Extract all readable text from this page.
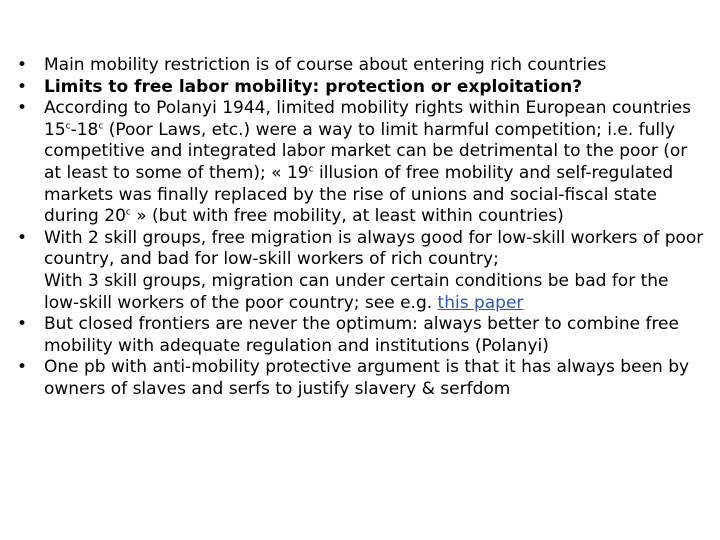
• Main mobility restriction is of course about entering rich countries
• Limits to free labor mobility: protection or exploitation?
• According to Polanyi 1944, limited mobility rights within European countries 15$^c$-18$^c$ (Poor Laws, etc.) were a way to limit harmful competition; i.e. fully competitive and integrated labor market can be detrimental to the poor (or at least to some of them); « 19$^c$ illusion of free mobility and self-regulated markets was finally replaced by the rise of unions and social-fiscal state during 20$^c$ » (but with free mobility, at least within countries)
• With 2 skill groups, free migration is always good for low-skill workers of poor country, and bad for low-skill workers of rich country;
With 3 skill groups, migration can under certain conditions be bad for the low-skill workers of the poor country; see e.g. this paper
• But closed frontiers are never the optimum: always better to combine free mobility with adequate regulation and institutions (Polanyi)
• One pb with anti-mobility protective argument is that it has always been by owners of slaves and serfs to justify slavery & serfdom
